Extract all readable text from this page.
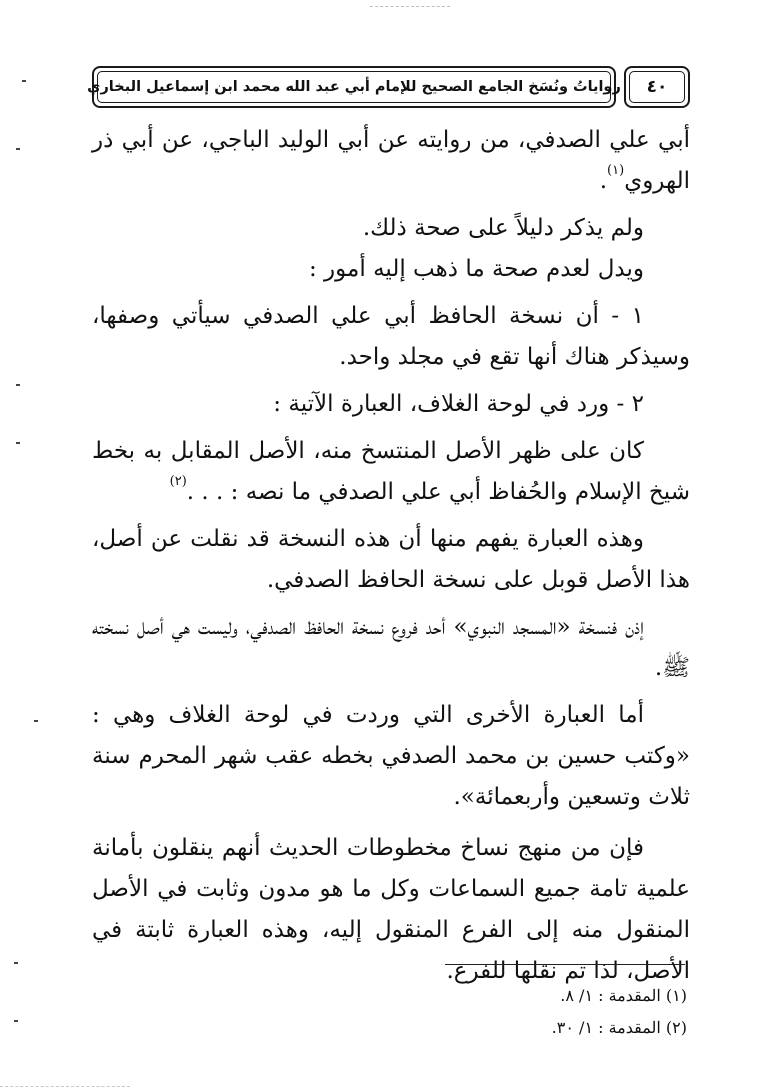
رواياتُ ونُسَخ الجامع الصحيح للإمام أبي عبد الله محمد ابن إسماعيل البخاري	٤٠

أبي علي الصدفي، من روايته عن أبي الوليد الباجي، عن أبي ذر الهروي$^{(١)}$.

ولم يذكر دليلاً على صحة ذلك.

ويدل لعدم صحة ما ذهب إليه أمور :

١ - أن نسخة الحافظ أبي علي الصدفي سيأتي وصفها، وسيذكر هناك أنها تقع في مجلد واحد.

٢ - ورد في لوحة الغلاف، العبارة الآتية :

كان على ظهر الأصل المنتسخ منه، الأصل المقابل به بخط شيخ الإسلام والحُفاظ أبي علي الصدفي ما نصه : . . .$^{(٢)}$

وهذه العبارة يفهم منها أن هذه النسخة قد نقلت عن أصل، هذا الأصل قوبل على نسخة الحافظ الصدفي.

إذن فنسخة «المسجد النبوي» أحد فروع نسخة الحافظ الصدفي، وليست هي أصل نسخته ﷺ.

أما العبارة الأخرى التي وردت في لوحة الغلاف وهي : «وكتب حسين بن محمد الصدفي بخطه عقب شهر المحرم سنة ثلاث وتسعين وأربعمائة».

فإن من منهج نساخ مخطوطات الحديث أنهم ينقلون بأمانة علمية تامة جميع السماعات وكل ما هو مدون وثابت في الأصل المنقول منه إلى الفرع المنقول إليه، وهذه العبارة ثابتة في الأصل، لذا تم نقلها للفرع.

(١) المقدمة : ١/ ٨.
(٢) المقدمة : ١/ ٣٠.
